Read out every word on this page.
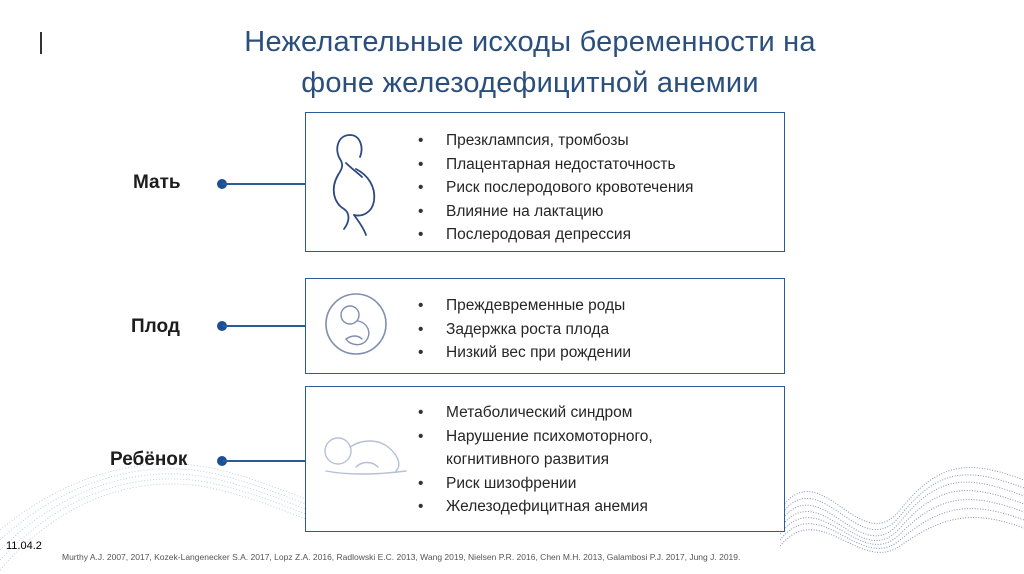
Нежелательные исходы беременности на
фоне железодефицитной анемии
Мать
• Презклампсия, тромбозы
• Плацентарная недостаточность
• Риск послеродового кровотечения
• Влияние на лактацию
• Послеродовая депрессия
Плод
• Преждевременные роды
• Задержка роста плода
• Низкий вес при рождении
Ребёнок
• Метаболический синдром
• Нарушение психомоторного,
когнитивного развития
• Риск шизофрении
• Железодефицитная анемия
11.04.2
Murthy A.J. 2007, 2017, Kozek-Langenecker S.A. 2017, Lopz Z.A. 2016, Radlowski E.C. 2013, Wang 2019, Nielsen P.R. 2016, Chen M.H. 2013, Galambosi P.J. 2017, Jung J. 2019.
